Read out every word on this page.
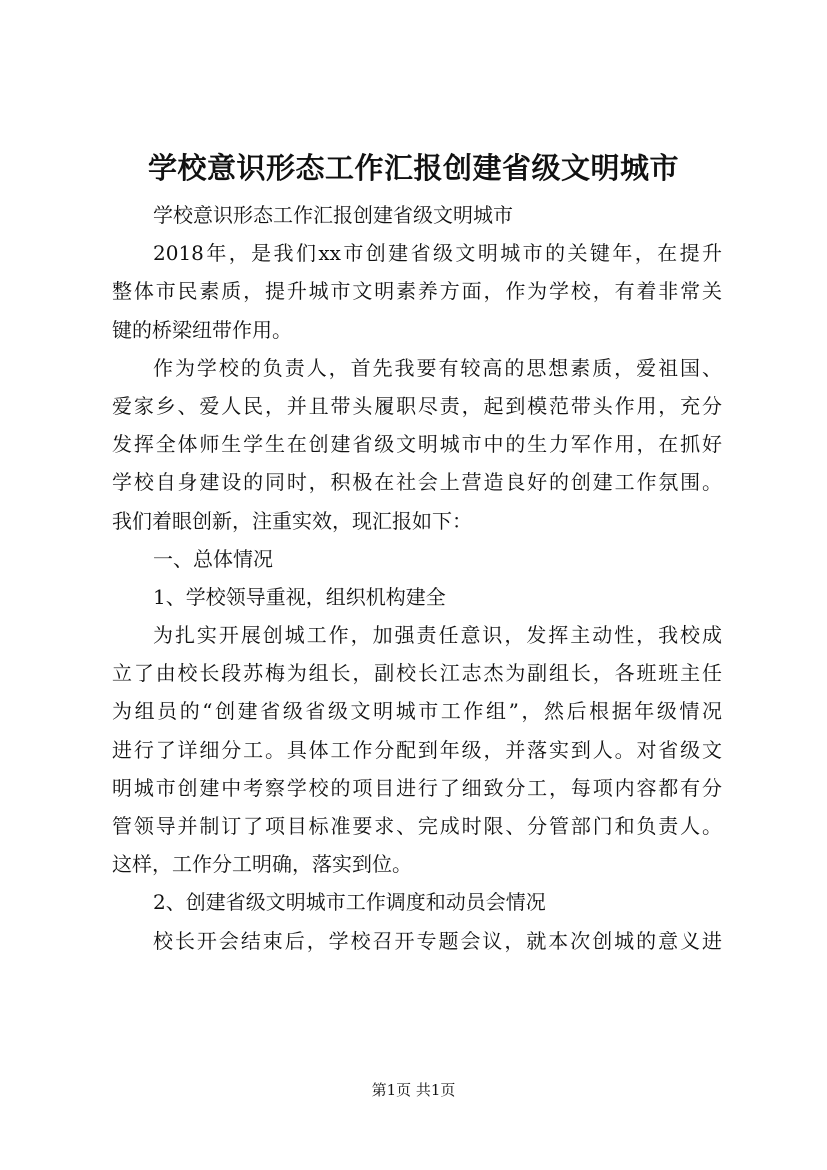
学校意识形态工作汇报创建省级文明城市
学校意识形态工作汇报创建省级文明城市
2018年，是我们xx市创建省级文明城市的关键年，在提升
整体市民素质，提升城市文明素养方面，作为学校，有着非常关
键的桥梁纽带作用。
作为学校的负责人，首先我要有较高的思想素质，爱祖国、
爱家乡、爱人民，并且带头履职尽责，起到模范带头作用，充分
发挥全体师生学生在创建省级文明城市中的生力军作用，在抓好
学校自身建设的同时，积极在社会上营造良好的创建工作氛围。
我们着眼创新，注重实效，现汇报如下：
一、总体情况
1、学校领导重视，组织机构建全
为扎实开展创城工作，加强责任意识，发挥主动性，我校成
立了由校长段苏梅为组长，副校长江志杰为副组长，各班班主任
为组员的“创建省级省级文明城市工作组”，然后根据年级情况
进行了详细分工。具体工作分配到年级，并落实到人。对省级文
明城市创建中考察学校的项目进行了细致分工，每项内容都有分
管领导并制订了项目标准要求、完成时限、分管部门和负责人。
这样，工作分工明确，落实到位。
2、创建省级文明城市工作调度和动员会情况
校长开会结束后，学校召开专题会议，就本次创城的意义进
第1页 共1页
